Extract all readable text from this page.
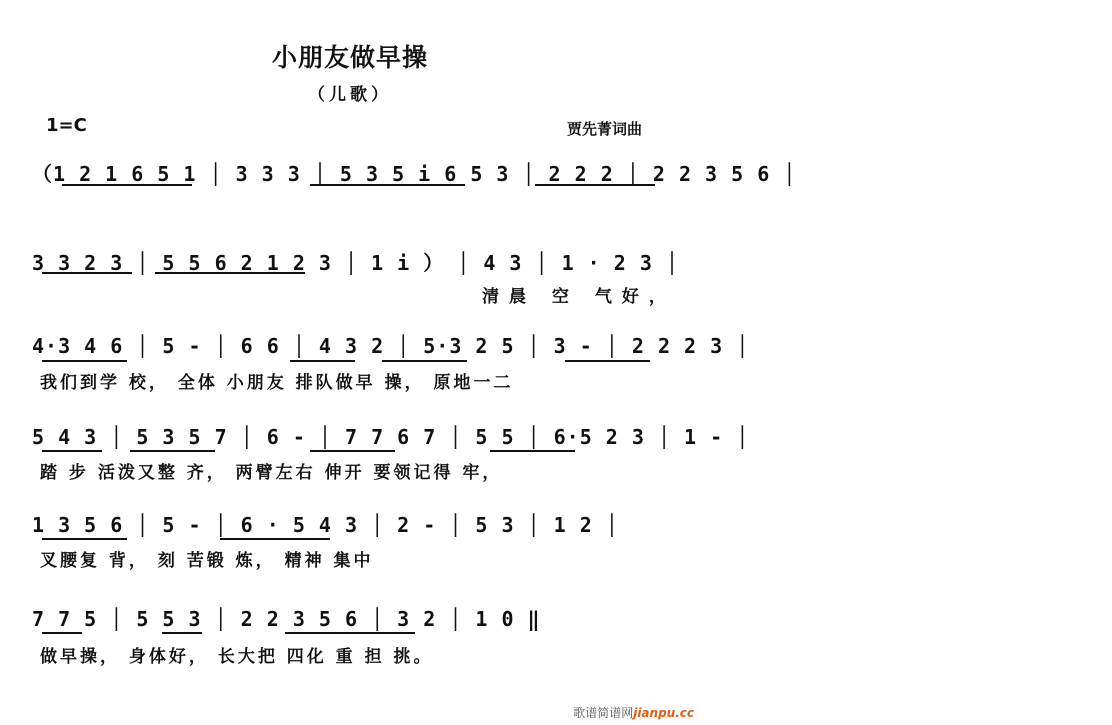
小朋友做早操
（儿歌）
1=C	贾先菁词曲
（1 2 1 6 5 1 │ 3 3 3 │ 5 3 5 i 6 5 3 │ 2 2 2 │ 2 2 3 5 6 │
3 3 2 3 │ 5 5 6 2 1 2 3 │ 1 i ） │ 4 3 │ 1 · 2 3 │
清晨 空 气好，
4·3 4 6 │ 5 - │ 6 6 │ 4 3 2 │ 5·3 2 5 │ 3 - │ 2 2 2 3 │
我们到学 校， 全体 小朋友 排队做早 操， 原地一二
5 4 3 │ 5 3 5 7 │ 6 - │ 7 7 6 7 │ 5 5 │ 6·5 2 3 │ 1 - │
踏 步 活泼又整 齐， 两臂左右 伸开 要领记得 牢，
1 3 5 6 │ 5 - │ 6 · 5 4 3 │ 2 - │ 5 3 │ 1 2 │
叉腰复 背， 刻 苦锻 炼， 精神 集中
7 7 5 │ 5 5 3 │ 2 2 3 5 6 │ 3 2 │ 1 0 ‖
做早操， 身体好， 长大把 四化 重 担 挑。
歌谱简谱网jianpu.cc
